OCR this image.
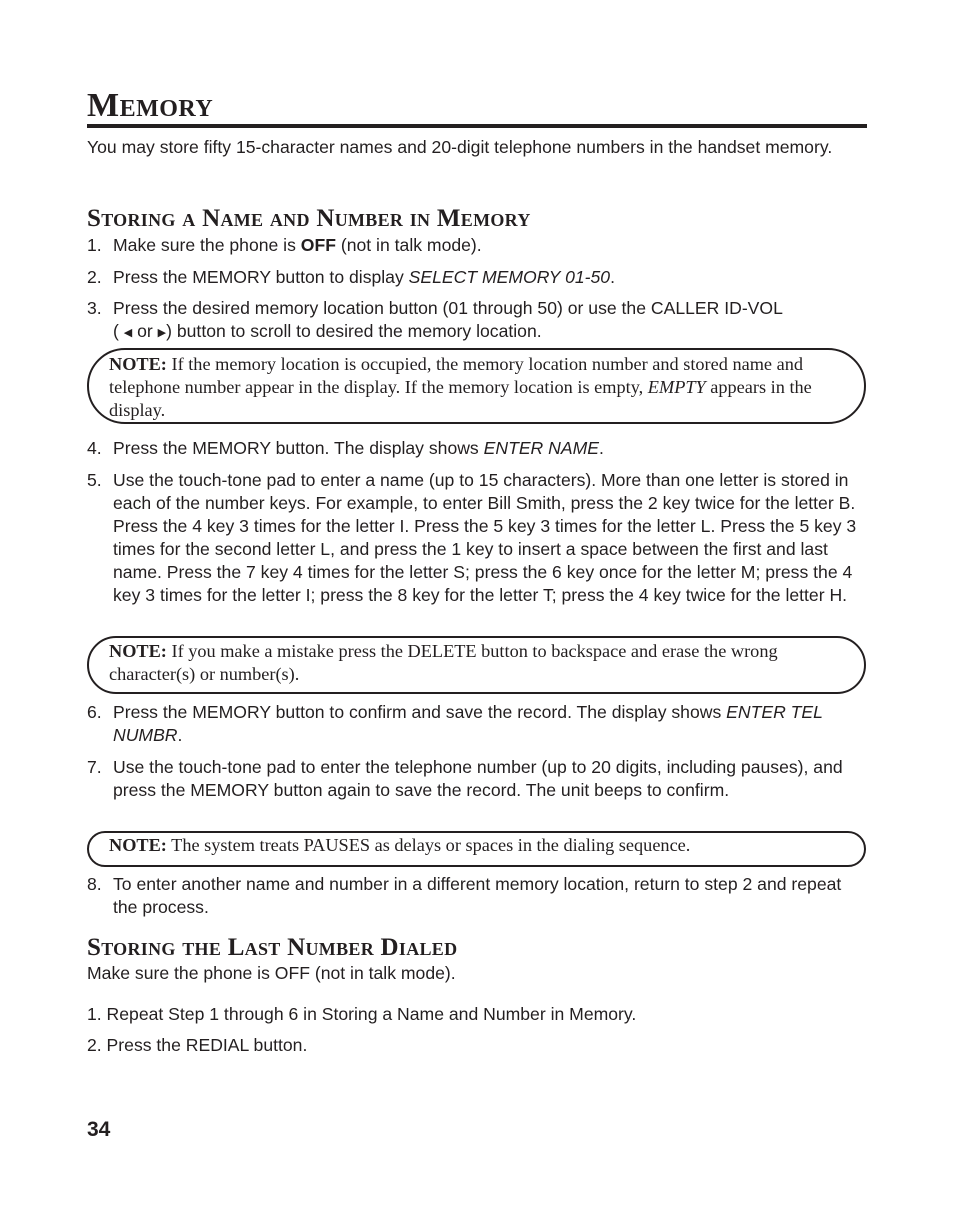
Memory

You may store fifty 15-character names and 20-digit telephone numbers in the handset memory.

Storing a Name and Number in Memory
1. Make sure the phone is OFF (not in talk mode).
2. Press the MEMORY button to display SELECT MEMORY 01-50.
3. Press the desired memory location button (01 through 50) or use the CALLER ID-VOL
( ◀ or ▶) button to scroll to desired the memory location.
NOTE: If the memory location is occupied, the memory location number and stored name and telephone number appear in the display. If the memory location is empty, EMPTY appears in the display.
4. Press the MEMORY button. The display shows ENTER NAME.
5. Use the touch-tone pad to enter a name (up to 15 characters). More than one letter is stored in each of the number keys. For example, to enter Bill Smith, press the 2 key twice for the letter B. Press the 4 key 3 times for the letter I. Press the 5 key 3 times for the letter L. Press the 5 key 3 times for the second letter L, and press the 1 key to insert a space between the first and last name. Press the 7 key 4 times for the letter S; press the 6 key once for the letter M; press the 4 key 3 times for the letter I; press the 8 key for the letter T; press the 4 key twice for the letter H.
NOTE: If you make a mistake press the DELETE button to backspace and erase the wrong character(s) or number(s).
6. Press the MEMORY button to confirm and save the record. The display shows ENTER TEL NUMBR.
7. Use the touch-tone pad to enter the telephone number (up to 20 digits, including pauses), and press the MEMORY button again to save the record. The unit beeps to confirm.
NOTE: The system treats PAUSES as delays or spaces in the dialing sequence.
8. To enter another name and number in a different memory location, return to step 2 and repeat the process.
Storing the Last Number Dialed

Make sure the phone is OFF (not in talk mode).

1. Repeat Step 1 through 6 in Storing a Name and Number in Memory.

2. Press the REDIAL button.

34
